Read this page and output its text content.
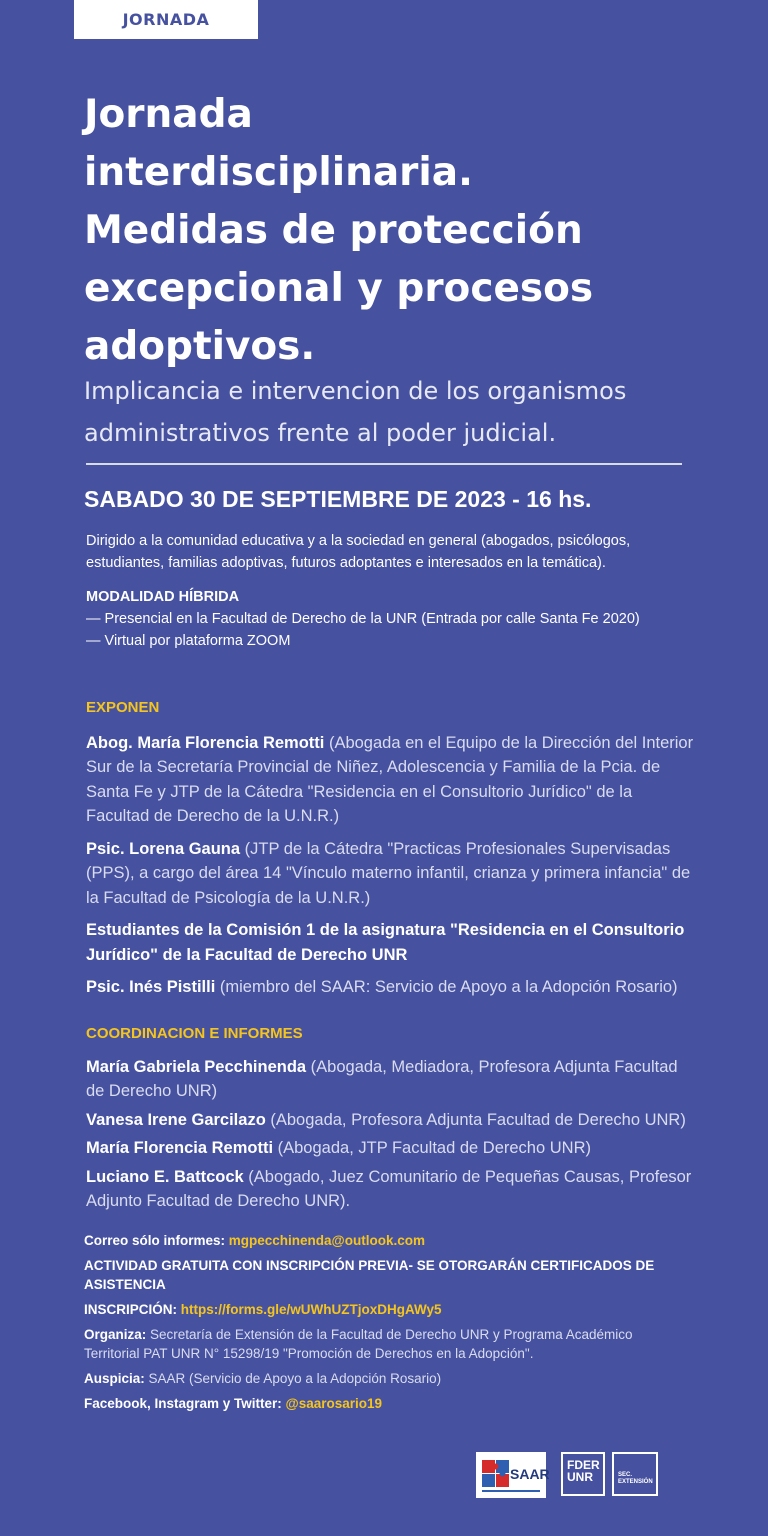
JORNADA
Jornada
interdisciplinaria.
Medidas de protección
excepcional y procesos
adoptivos.
Implicancia e intervencion de los organismos
administrativos frente al poder judicial.
SABADO 30 DE SEPTIEMBRE DE 2023 - 16 hs.
Dirigido a la comunidad educativa y a la sociedad en general (abogados, psicólogos, estudiantes, familias adoptivas, futuros adoptantes e interesados en la temática).
MODALIDAD HÍBRIDA
— Presencial en la Facultad de Derecho de la UNR (Entrada por calle Santa Fe 2020)
— Virtual por plataforma ZOOM
EXPONEN

Abog. María Florencia Remotti (Abogada en el Equipo de la Dirección del Interior Sur de la Secretaría Provincial de Niñez, Adolescencia y Familia de la Pcia. de Santa Fe y JTP de la Cátedra "Residencia en el Consultorio Jurídico" de la Facultad de Derecho de la U.N.R.)

Psic. Lorena Gauna (JTP de la Cátedra "Practicas Profesionales Supervisadas (PPS), a cargo del área 14 "Vínculo materno infantil, crianza y primera infancia" de la Facultad de Psicología de la U.N.R.)

Estudiantes de la Comisión 1 de la asignatura "Residencia en el Consultorio Jurídico" de la Facultad de Derecho UNR

Psic. Inés Pistilli (miembro del SAAR: Servicio de Apoyo a la Adopción Rosario)

COORDINACION E INFORMES

María Gabriela Pecchinenda (Abogada, Mediadora, Profesora Adjunta Facultad de Derecho UNR)

Vanesa Irene Garcilazo (Abogada, Profesora Adjunta Facultad de Derecho UNR)

María Florencia Remotti (Abogada, JTP Facultad de Derecho UNR)

Luciano E. Battcock (Abogado, Juez Comunitario de Pequeñas Causas, Profesor Adjunto Facultad de Derecho UNR).

Correo sólo informes: mgpecchinenda@outlook.com

ACTIVIDAD GRATUITA CON INSCRIPCIÓN PREVIA- SE OTORGARÁN CERTIFICADOS DE ASISTENCIA

INSCRIPCIÓN: https://forms.gle/wUWhUZTjoxDHgAWy5

Organiza: Secretaría de Extensión de la Facultad de Derecho UNR y Programa Académico Territorial PAT UNR N° 15298/19 "Promoción de Derechos en la Adopción".

Auspicia: SAAR (Servicio de Apoyo a la Adopción Rosario)

Facebook, Instagram y Twitter: @saarosario19

SAAR
FDER
UNR	SEC.
EXTENSIÓN
